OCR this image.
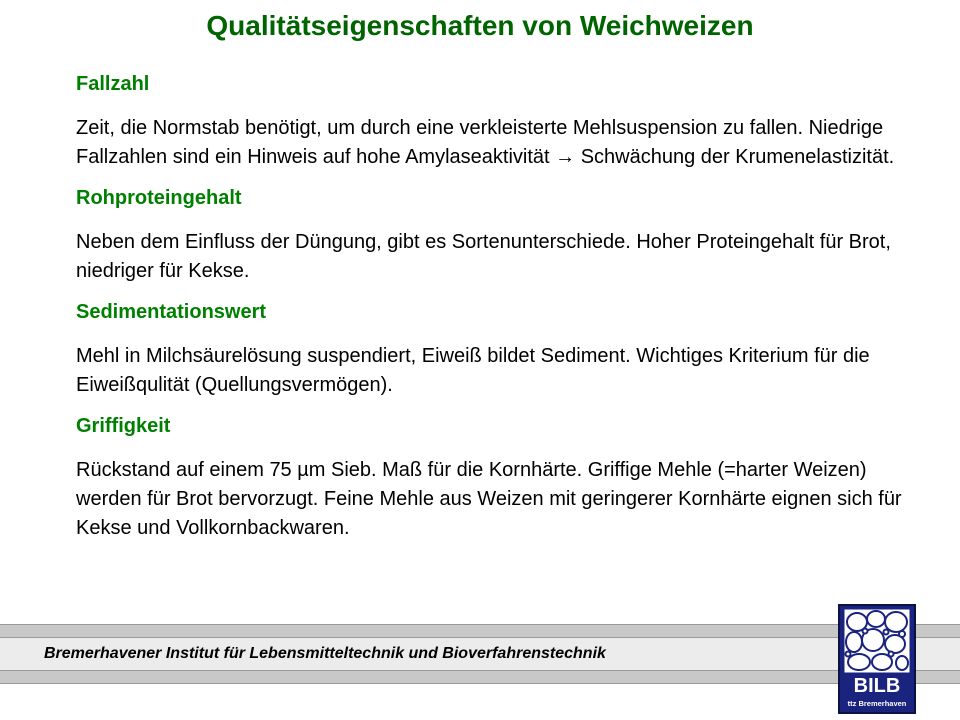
Qualitätseigenschaften von Weichweizen
Fallzahl

Zeit, die Normstab benötigt, um durch eine verkleisterte Mehlsuspension zu fallen. Niedrige Fallzahlen sind ein Hinweis auf hohe Amylaseaktivität → Schwächung der Krumenelastizität.

Rohproteingehalt

Neben dem Einfluss der Düngung, gibt es Sortenunterschiede. Hoher Proteingehalt für Brot, niedriger für Kekse.

Sedimentationswert

Mehl in Milchsäurelösung suspendiert, Eiweiß bildet Sediment. Wichtiges Kriterium für die Eiweißqulität (Quellungsvermögen).

Griffigkeit

Rückstand auf einem 75 µm Sieb. Maß für die Kornhärte. Griffige Mehle (=harter Weizen) werden für Brot bervorzugt. Feine Mehle aus Weizen mit geringerer Kornhärte eignen sich für Kekse und Vollkornbackwaren.

Bremerhavener Institut für Lebensmitteltechnik und Bioverfahrenstechnik
BILB
ttz Bremerhaven
